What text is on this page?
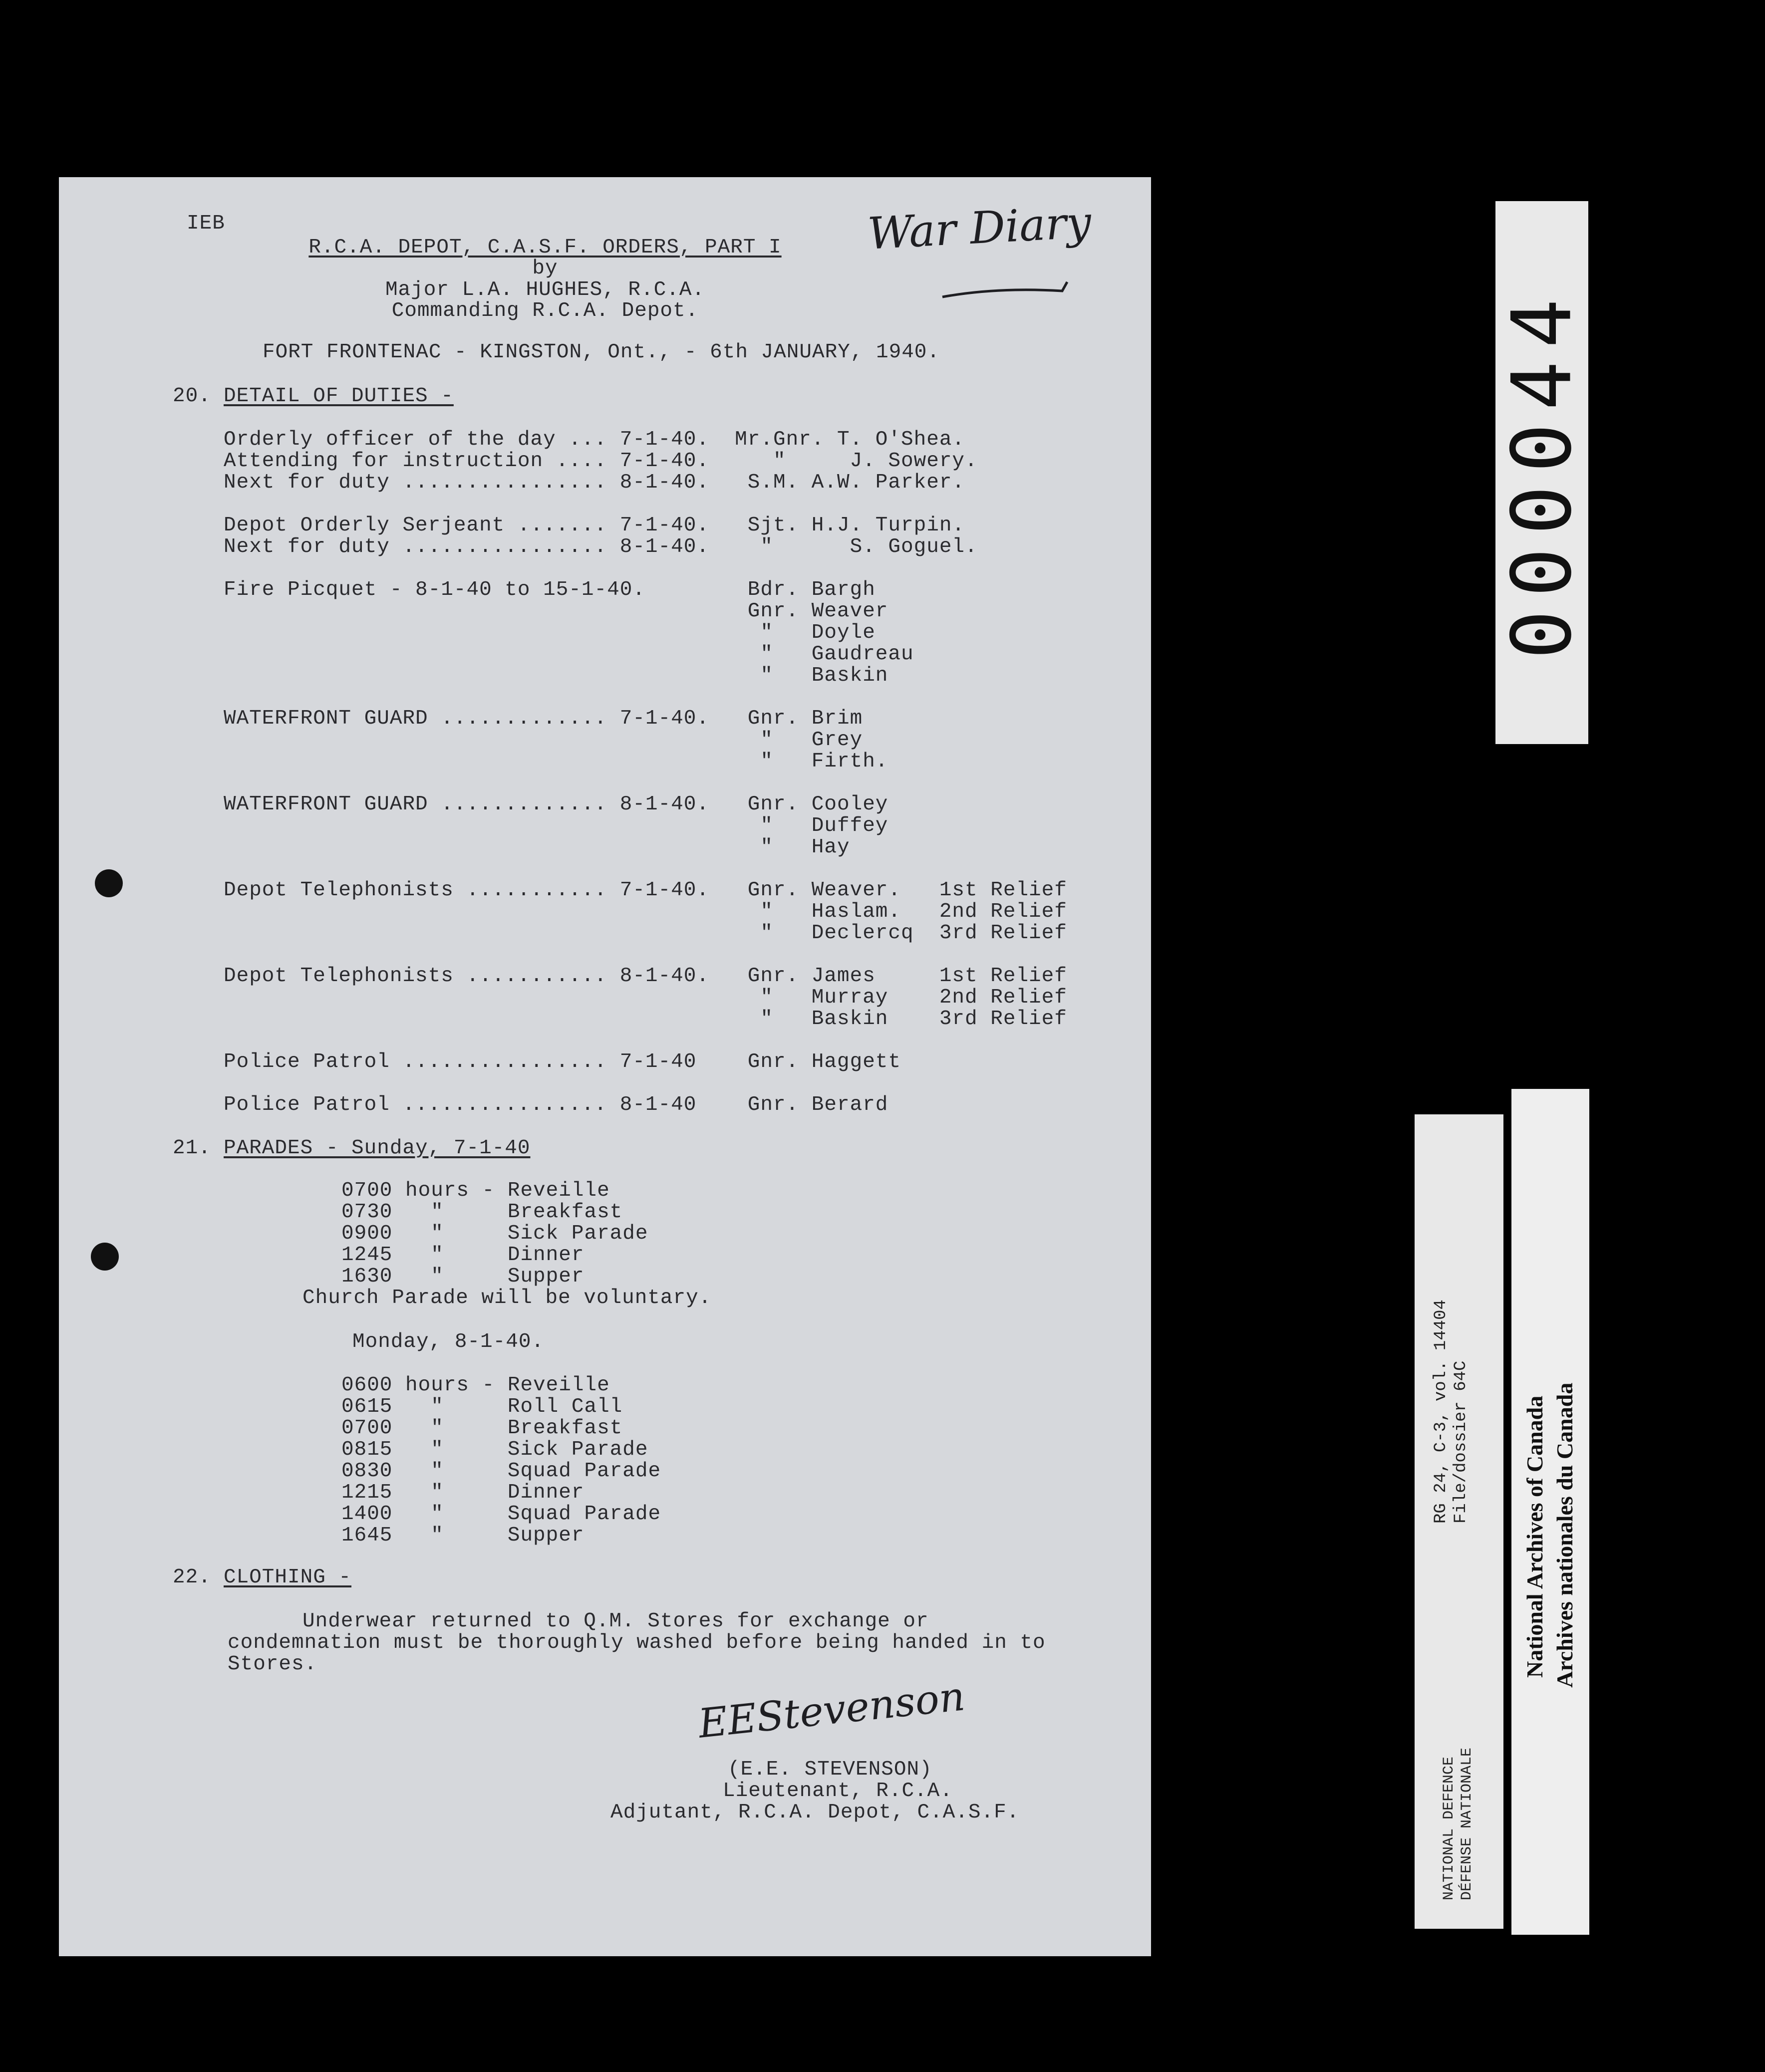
IEB	War Diary
R.C.A. DEPOT, C.A.S.F. ORDERS, PART I
by
Major L.A. HUGHES, R.C.A.
Commanding R.C.A. Depot.
FORT FRONTENAC - KINGSTON, Ont., - 6th JANUARY, 1940.
20. DETAIL OF DUTIES -
Orderly officer of the day ... 7-1-40.  Mr.Gnr. T. O'Shea.
Attending for instruction .... 7-1-40.     "     J. Sowery.
Next for duty ................ 8-1-40.   S.M. A.W. Parker.
Depot Orderly Serjeant ....... 7-1-40.   Sjt. H.J. Turpin.
Next for duty ................ 8-1-40.    "      S. Goguel.
Fire Picquet - 8-1-40 to 15-1-40.        Bdr. Bargh
Gnr. Weaver
"   Doyle
"   Gaudreau
"   Baskin
WATERFRONT GUARD ............. 7-1-40.   Gnr. Brim
"   Grey
"   Firth.
WATERFRONT GUARD ............. 8-1-40.   Gnr. Cooley
"   Duffey
"   Hay
Depot Telephonists ........... 7-1-40.   Gnr. Weaver.   1st Relief
"   Haslam.   2nd Relief
"   Declercq  3rd Relief
Depot Telephonists ........... 8-1-40.   Gnr. James     1st Relief
"   Murray    2nd Relief
"   Baskin    3rd Relief
Police Patrol ................ 7-1-40    Gnr. Haggett
Police Patrol ................ 8-1-40    Gnr. Berard
21. PARADES - Sunday, 7-1-40
0700 hours - Reveille
0730   "     Breakfast
0900   "     Sick Parade
1245   "     Dinner
1630   "     Supper
Church Parade will be voluntary.
Monday, 8-1-40.
0600 hours - Reveille
0615   "     Roll Call
0700   "     Breakfast
0815   "     Sick Parade
0830   "     Squad Parade
1215   "     Dinner
1400   "     Squad Parade
1645   "     Supper
22. CLOTHING -
Underwear returned to Q.M. Stores for exchange or
condemnation must be thoroughly washed before being handed in to
Stores.
EEStevenson
(E.E. STEVENSON)
Lieutenant, R.C.A.
Adjutant, R.C.A. Depot, C.A.S.F.
000044
RG 24, C-3, vol. 14404 File/dossier 64C
NATIONAL DEFENCE DÉFENSE NATIONALE
National Archives of Canada Archives nationales du Canada
